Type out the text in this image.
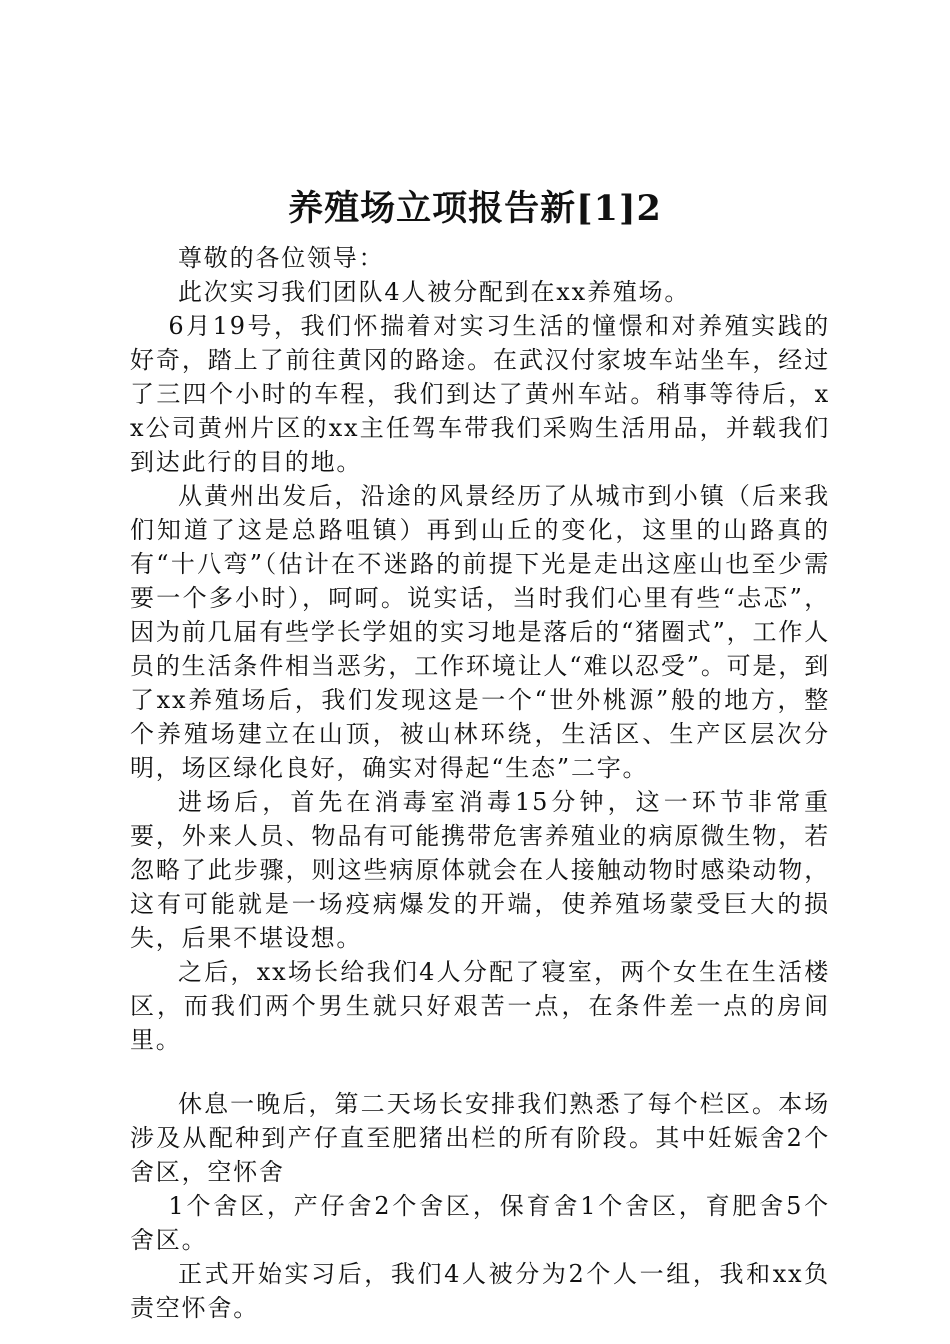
养殖场立项报告新[1]2

尊敬的各位领导：

此次实习我们团队4人被分配到在xx养殖场。

6月19号，我们怀揣着对实习生活的憧憬和对养殖实践的好奇，踏上了前往黄冈的路途。在武汉付家坡车站坐车，经过了三四个小时的车程，我们到达了黄州车站。稍事等待后，xx公司黄州片区的xx主任驾车带我们采购生活用品，并载我们到达此行的目的地。

从黄州出发后，沿途的风景经历了从城市到小镇（后来我们知道了这是总路咀镇）再到山丘的变化，这里的山路真的有“十八弯”（估计在不迷路的前提下光是走出这座山也至少需要一个多小时），呵呵。说实话，当时我们心里有些“忐忑”，因为前几届有些学长学姐的实习地是落后的“猪圈式”，工作人员的生活条件相当恶劣，工作环境让人“难以忍受”。可是，到了xx养殖场后，我们发现这是一个“世外桃源”般的地方，整个养殖场建立在山顶，被山林环绕，生活区、生产区层次分明，场区绿化良好，确实对得起“生态”二字。

进场后，首先在消毒室消毒15分钟，这一环节非常重要，外来人员、物品有可能携带危害养殖业的病原微生物，若忽略了此步骤，则这些病原体就会在人接触动物时感染动物，这有可能就是一场疫病爆发的开端，使养殖场蒙受巨大的损失，后果不堪设想。

之后，xx场长给我们4人分配了寝室，两个女生在生活楼区，而我们两个男生就只好艰苦一点，在条件差一点的房间里。

休息一晚后，第二天场长安排我们熟悉了每个栏区。本场涉及从配种到产仔直至肥猪出栏的所有阶段。其中妊娠舍2个舍区，空怀舍

1个舍区，产仔舍2个舍区，保育舍1个舍区，育肥舍5个舍区。

正式开始实习后，我们4人被分为2个人一组，我和xx负责空怀舍。
